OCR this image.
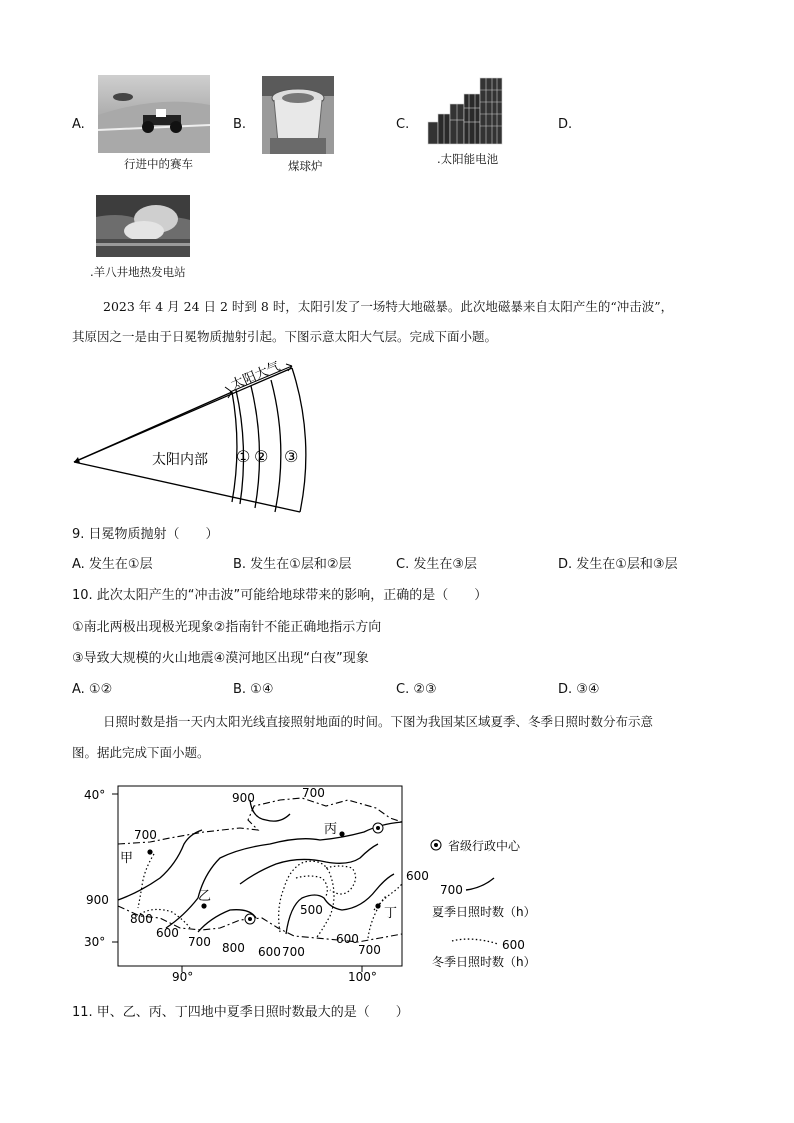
A.
行进中的赛车
B.
煤球炉
C.
.太阳能电池
D.
.羊八井地热发电站
2023 年 4 月 24 日 2 时到 8 时，太阳引发了一场特大地磁暴。此次地磁暴来自太阳产生的“冲击波”，
其原因之一是由于日冕物质抛射引起。下图示意太阳大气层。完成下面小题。
太阳大气
太阳内部 ① ② ③
9. 日冕物质抛射（　　）
A. 发生在①层	B. 发生在①层和②层	C. 发生在③层	D. 发生在①层和③层
10. 此次太阳产生的“冲击波”可能给地球带来的影响，正确的是（　　）
①南北两极出现极光现象②指南针不能正确地指示方向
③导致大规模的火山地震④漠河地区出现“白夜”现象
A. ①②	B. ①④	C. ②③	D. ③④
日照时数是指一天内太阳光线直接照射地面的时间。下图为我国某区域夏季、冬季日照时数分布示意
图。据此完成下面小题。
40°
30°
900
90°	100°
900	700
700
800
600
700 800 600 700
500
600
700
600
甲
乙
丙
丁
省级行政中心
700
夏季日照时数（h）
600
冬季日照时数（h）
11. 甲、乙、丙、丁四地中夏季日照时数最大的是（　　）
